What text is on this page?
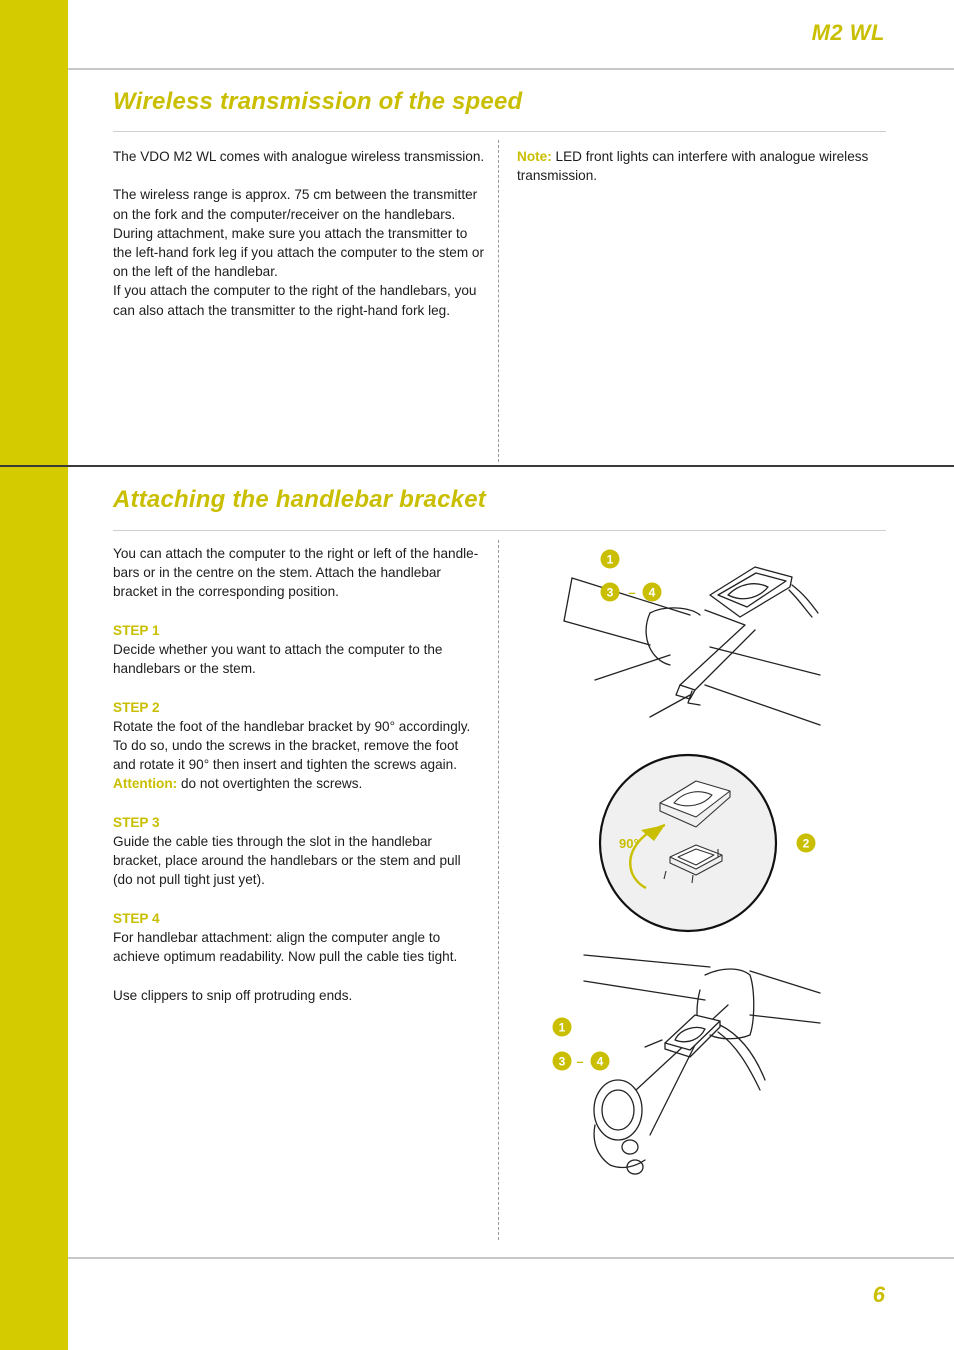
M2 WL
Wireless transmission of the speed

The VDO M2 WL comes with analogue wireless transmission.

The wireless range is approx. 75 cm between the transmitter on the fork and the computer/receiver on the handlebars. During attachment, make sure you attach the transmitter to the left-hand fork leg if you attach the computer to the stem or on the left of the handlebar.

If you attach the computer to the right of the handlebars, you can also attach the transmitter to the right-hand fork leg.

Note: LED front lights can interfere with analogue wireless transmission.

Attaching the handlebar bracket

You can attach the computer to the right or left of the handle-bars or in the centre on the stem. Attach the handlebar bracket in the corresponding position.

STEP 1
Decide whether you want to attach the computer to the handlebars or the stem.

STEP 2
Rotate the foot of the handlebar bracket by 90° accordingly. To do so, undo the screws in the bracket, remove the foot and rotate it 90° then insert and tighten the screws again. Attention: do not overtighten the screws.

STEP 3
Guide the cable ties through the slot in the handlebar bracket, place around the handlebars or the stem and pull (do not pull tight just yet).

STEP 4
For handlebar attachment: align the computer angle to achieve optimum readability. Now pull the cable ties tight.

Use clippers to snip off protruding ends.

90°
1
3 – 4
2
1
3 – 4
6
